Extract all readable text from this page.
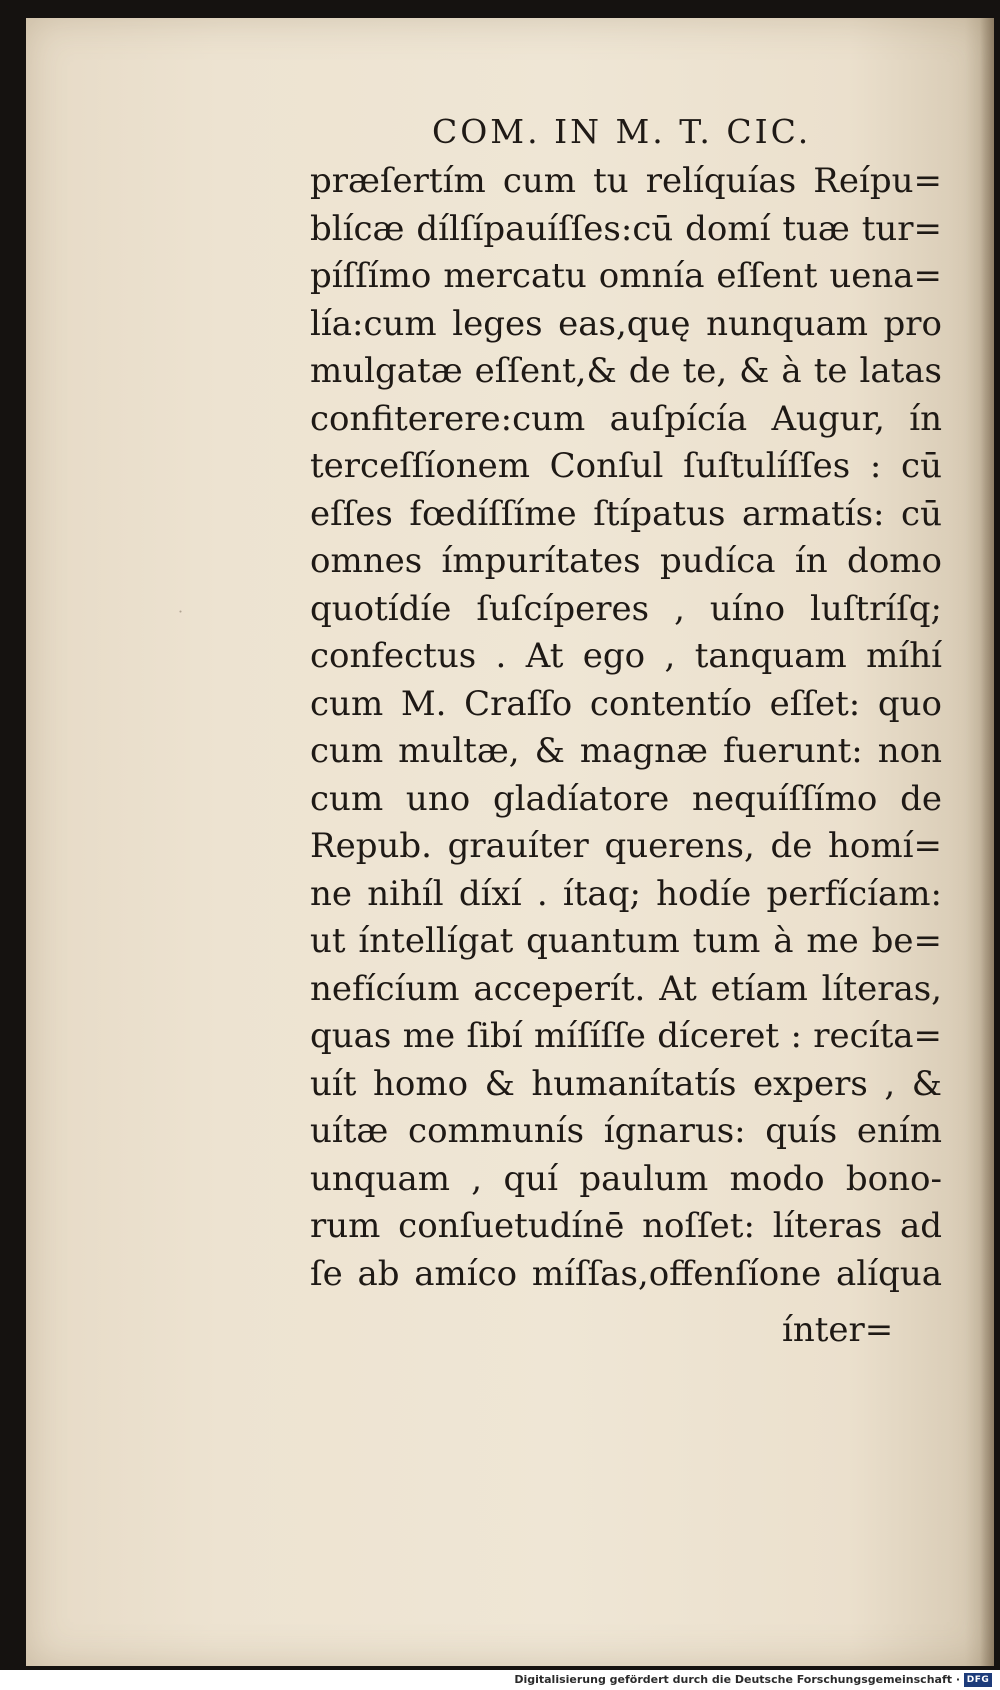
˙
COM. IN M. T. CIC.
præſertím cum tu relíquías Reípu=
blícæ dílſípauíſſes:cū domí tuæ tur=
píſſímo mercatu omnía eſſent uena=
lía:cum leges eas,quę nunquam pro
mulgatæ eſſent,& de te, & à te latas
confiterere:cum auſpícía Augur, ín
terceſſíonem Conſul ſuſtulíſſes : cū
eſſes fœdíſſíme ſtípatus armatís: cū
omnes ímpurítates pudíca ín domo
quotídíe ſuſcíperes , uíno luſtríſq;
confectus . At ego , tanquam míhí
cum M. Craſſo contentío eſſet: quo
cum multæ, & magnæ fuerunt: non
cum uno gladíatore nequíſſímo de
Repub. grauíter querens, de homí=
ne nihíl díxí . ítaq; hodíe perfícíam:
ut íntellígat quantum tum à me be=
nefícíum acceperít. At etíam líteras,
quas me ſibí míſíſſe díceret : recíta=
uít homo & humanítatís expers , &
uítæ communís ígnarus: quís ením
unquam , quí paulum modo bono-
rum conſuetudínē noſſet: líteras ad
ſe ab amíco míſſas,offenſíone alíqua
ínter=
Digitalisierung gefördert durch die Deutsche Forschungsgemeinschaft · DFG
